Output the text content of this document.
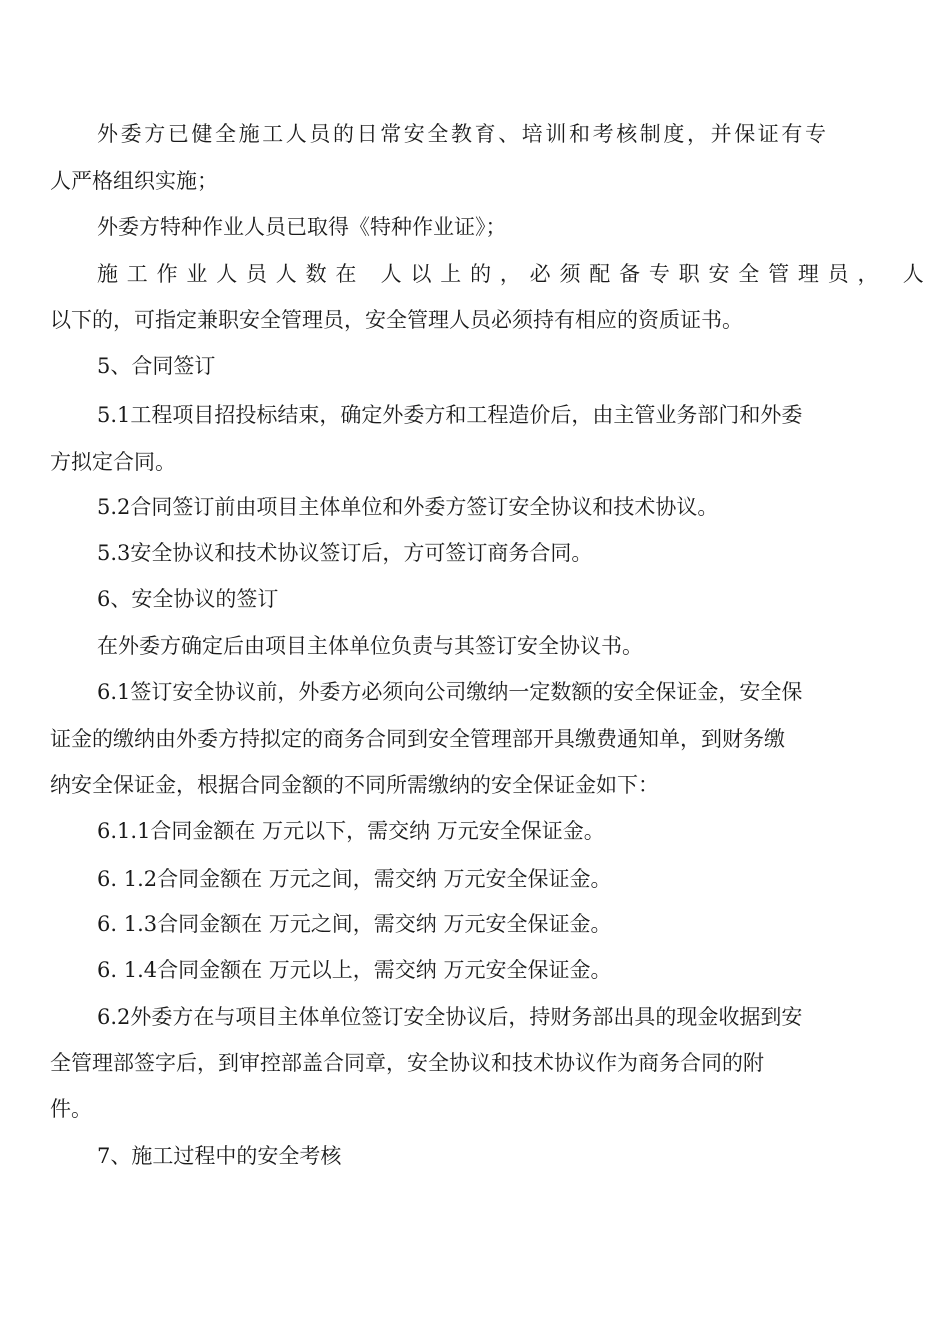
外委方已健全施工人员的日常安全教育、培训和考核制度，并保证有专
人严格组织实施；
外委方特种作业人员已取得《特种作业证》；
施工作业人员人数在 人以上的，必须配备专职安全管理员， 人
以下的，可指定兼职安全管理员，安全管理人员必须持有相应的资质证书。
5、合同签订
5.1工程项目招投标结束，确定外委方和工程造价后，由主管业务部门和外委
方拟定合同。
5.2合同签订前由项目主体单位和外委方签订安全协议和技术协议。
5.3安全协议和技术协议签订后，方可签订商务合同。
6、安全协议的签订
在外委方确定后由项目主体单位负责与其签订安全协议书。
6.1签订安全协议前，外委方必须向公司缴纳一定数额的安全保证金，安全保
证金的缴纳由外委方持拟定的商务合同到安全管理部开具缴费通知单，到财务缴
纳安全保证金，根据合同金额的不同所需缴纳的安全保证金如下：
6.1.1合同金额在 万元以下，需交纳 万元安全保证金。
6. 1.2合同金额在 万元之间，需交纳 万元安全保证金。
6. 1.3合同金额在 万元之间，需交纳 万元安全保证金。
6. 1.4合同金额在 万元以上，需交纳 万元安全保证金。
6.2外委方在与项目主体单位签订安全协议后，持财务部出具的现金收据到安
全管理部签字后，到审控部盖合同章，安全协议和技术协议作为商务合同的附
件。
7、施工过程中的安全考核
